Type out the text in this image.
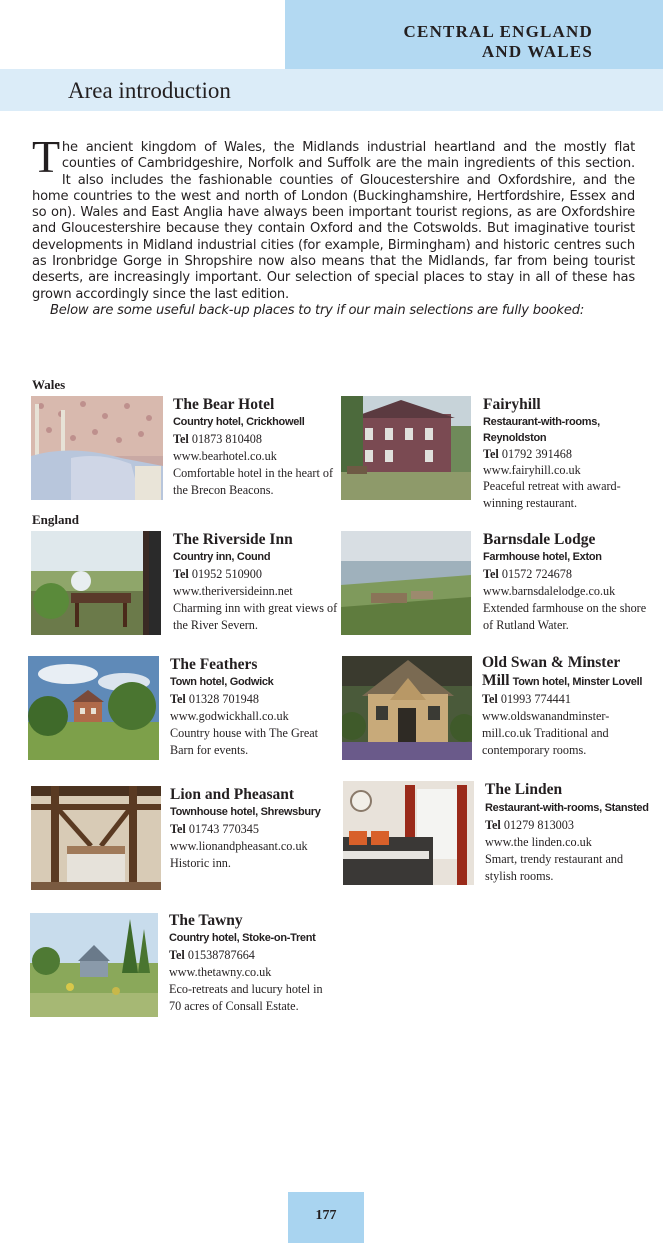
CENTRAL ENGLAND
AND WALES
Area introduction

The ancient kingdom of Wales, the Midlands industrial heartland and the mostly flat counties of Cambridgeshire, Norfolk and Suffolk are the main ingredients of this section. It also includes the fashionable counties of Gloucestershire and Oxfordshire, and the home countries to the west and north of London (Buckinghamshire, Hertfordshire, Essex and so on). Wales and East Anglia have always been important tourist regions, as are Oxfordshire and Gloucestershire because they contain Oxford and the Cotswolds. But imaginative tourist developments in Midland industrial cities (for example, Birmingham) and historic centres such as Ironbridge Gorge in Shropshire now also means that the Midlands, far from being tourist deserts, are increasingly important. Our selection of special places to stay in all of these has grown accordingly since the last edition.

Below are some useful back-up places to try if our main selections are fully booked:

Wales
England
The Bear Hotel
Country hotel, Crickhowell
Tel 01873 810408
www.bearhotel.co.uk
Comfortable hotel in the heart of the Brecon Beacons.
Fairyhill
Restaurant-with-rooms, Reynoldston
Tel 01792 391468 www.fairyhill.co.uk
Peaceful retreat with award-winning restaurant.
The Riverside Inn
Country inn, Cound
Tel 01952 510900
www.theriversideinn.net
Charming inn with great views of the River Severn.
Barnsdale Lodge
Farmhouse hotel, Exton
Tel 01572 724678
www.barnsdalelodge.co.uk
Extended farmhouse on the shore of Rutland Water.
The Feathers
Town hotel, Godwick
Tel 01328 701948
www.godwickhall.co.uk
Country house with The Great Barn for events.
Old Swan & Minster Mill Town hotel, Minster Lovell Tel 01993 774441
www.oldswanandminster-mill.co.uk Traditional and contemporary rooms.
Lion and Pheasant
Townhouse hotel, Shrewsbury
Tel 01743 770345
www.lionandpheasant.co.uk
Historic inn.
The Linden
Restaurant-with-rooms, Stansted Tel 01279 813003
www.the linden.co.uk
Smart, trendy restaurant and stylish rooms.
The Tawny
Country hotel, Stoke-on-Trent
Tel 01538787664
www.thetawny.co.uk
Eco-retreats and lucury hotel in 70 acres of Consall Estate.
177
